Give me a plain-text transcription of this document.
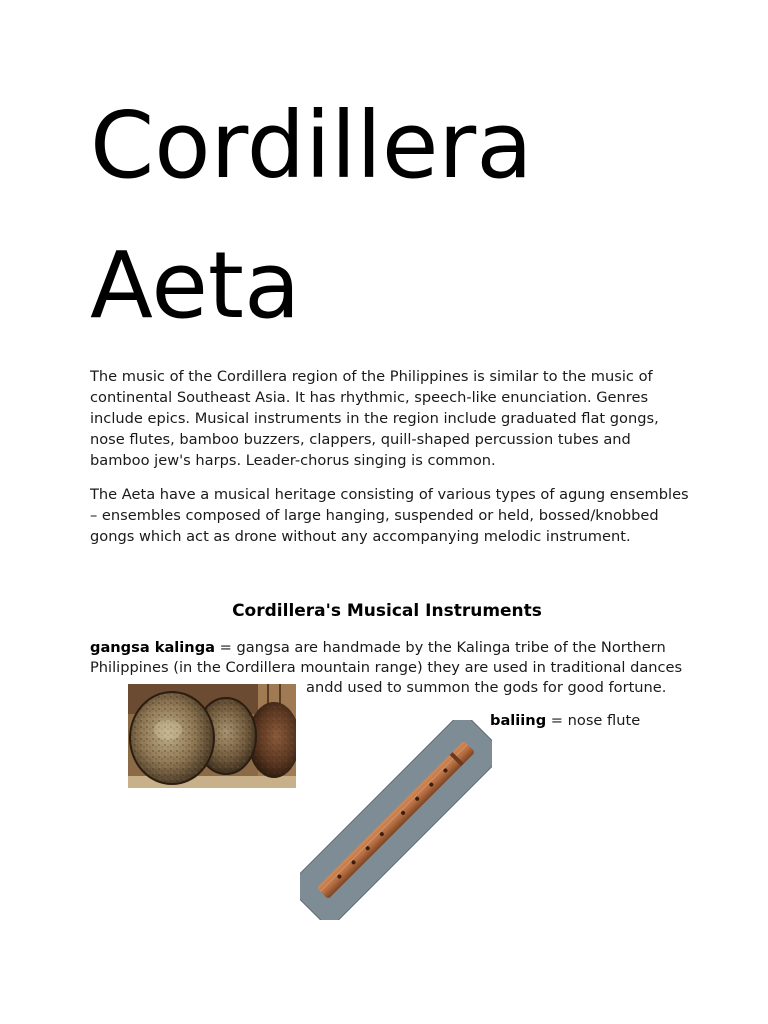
Cordillera
Aeta

The music of the Cordillera region of the Philippines is similar to the music of continental Southeast Asia. It has rhythmic, speech-like enunciation. Genres include epics. Musical instruments in the region include graduated flat gongs, nose flutes, bamboo buzzers, clappers, quill-shaped percussion tubes and bamboo jew's harps. Leader-chorus singing is common.

The Aeta have a musical heritage consisting of various types of agung ensembles – ensembles composed of large hanging, suspended or held, bossed/knobbed gongs which act as drone without any accompanying melodic instrument.

Cordillera's Musical Instruments

gangsa kalinga = gangsa are handmade by the Kalinga tribe of the Northern

Philippines (in the Cordillera mountain range) they are used in traditional dances

andd used to summon the gods for good fortune.

baliing = nose flute
